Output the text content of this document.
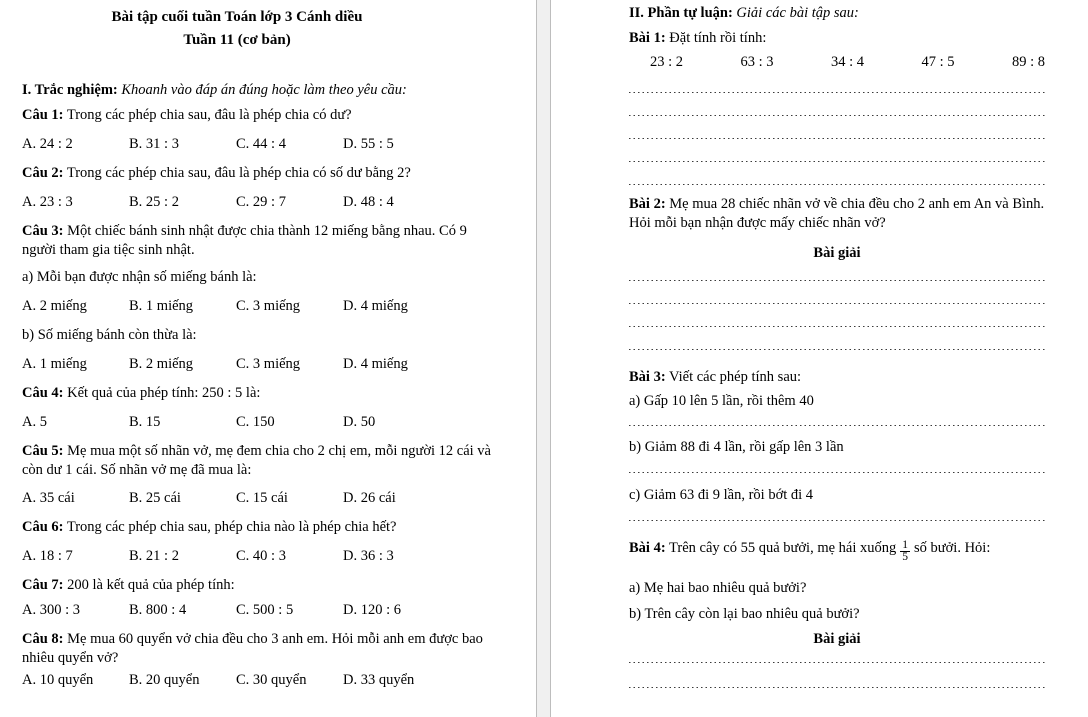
Bài tập cuối tuần Toán lớp 3 Cánh diều

Tuần 11 (cơ bản)

I. Trắc nghiệm: Khoanh vào đáp án đúng hoặc làm theo yêu cầu:

Câu 1: Trong các phép chia sau, đâu là phép chia có dư?

A. 24 : 2	B. 31 : 3	C. 44 : 4	D. 55 : 5

Câu 2: Trong các phép chia sau, đâu là phép chia có số dư bằng 2?

A. 23 : 3	B. 25 : 2	C. 29 : 7	D. 48 : 4

Câu 3: Một chiếc bánh sinh nhật được chia thành 12 miếng bằng nhau. Có 9 người tham gia tiệc sinh nhật.

a) Mỗi bạn được nhận số miếng bánh là:

A. 2 miếng	B. 1 miếng	C. 3 miếng	D. 4 miếng

b) Số miếng bánh còn thừa là:

A. 1 miếng	B. 2 miếng	C. 3 miếng	D. 4 miếng

Câu 4: Kết quả của phép tính: 250 : 5 là:

A. 5	B. 15	C. 150	D. 50

Câu 5: Mẹ mua một số nhãn vở, mẹ đem chia cho 2 chị em, mỗi người 12 cái và còn dư 1 cái. Số nhãn vở mẹ đã mua là:

A. 35 cái	B. 25 cái	C. 15 cái	D. 26 cái

Câu 6: Trong các phép chia sau, phép chia nào là phép chia hết?

A. 18 : 7	B. 21 : 2	C. 40 : 3	D. 36 : 3

Câu 7: 200 là kết quả của phép tính:

A. 300 : 3	B. 800 : 4	C. 500 : 5	D. 120 : 6

Câu 8: Mẹ mua 60 quyển vở chia đều cho 3 anh em. Hỏi mỗi anh em được bao nhiêu quyển vở?

A. 10 quyển	B. 20 quyển	C. 30 quyển	D. 33 quyển

II. Phần tự luận: Giải các bài tập sau:

Bài 1: Đặt tính rồi tính:

23 : 2	63 : 3	34 : 4	47 : 5	89 : 8

Bài 2: Mẹ mua 28 chiếc nhãn vở về chia đều cho 2 anh em An và Bình. Hỏi mỗi bạn nhận được mấy chiếc nhãn vở?

Bài giải

Bài 3: Viết các phép tính sau:

a) Gấp 10 lên 5 lần, rồi thêm 40

b) Giảm 88 đi 4 lần, rồi gấp lên 3 lần

c) Giảm 63 đi 9 lần, rồi bớt đi 4

Bài 4: Trên cây có 55 quả bưởi, mẹ hái xuống $\frac{1}{5}$ số bưởi. Hỏi:

a) Mẹ hai bao nhiêu quả bưởi?

b) Trên cây còn lại bao nhiêu quả bưởi?

Bài giải
